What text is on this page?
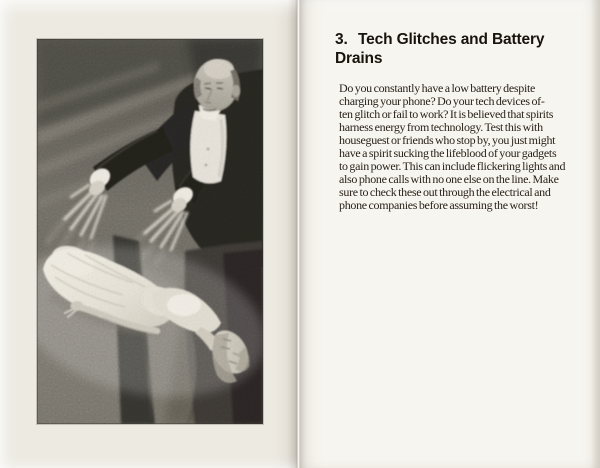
3. Tech Glitches and Battery
Drains
Do you constantly have a low battery despite
charging your phone? Do your tech devices of-
ten glitch or fail to work? It is believed that spirits
harness energy from technology. Test this with
houseguest or friends who stop by, you just might
have a spirit sucking the lifeblood of your gadgets
to gain power. This can include flickering lights and
also phone calls with no one else on the line. Make
sure to check these out through the electrical and
phone companies before assuming the worst!
